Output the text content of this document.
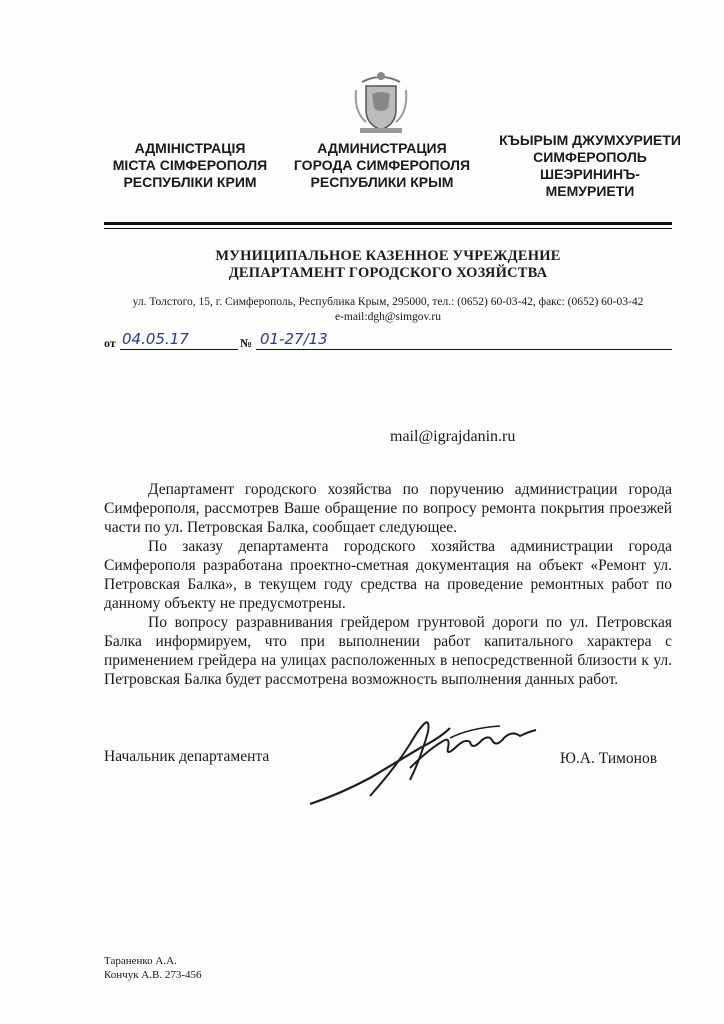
АДМІНІСТРАЦІЯ
МІСТА СІМФЕРОПОЛЯ
РЕСПУБЛІКИ КРИМ
АДМИНИСТРАЦИЯ
ГОРОДА СИМФЕРОПОЛЯ
РЕСПУБЛИКИ КРЫМ
КЪЫРЫМ ДЖУМХУРИЕТИ
СИМФЕРОПОЛЬ
ШЕЭРИНИНЪ-
МЕМУРИЕТИ
МУНИЦИПАЛЬНОЕ КАЗЕННОЕ УЧРЕЖДЕНИЕ
ДЕПАРТАМЕНТ ГОРОДСКОГО ХОЗЯЙСТВА
ул. Толстого, 15, г. Симферополь, Республика Крым, 295000, тел.: (0652) 60-03-42, факс: (0652) 60-03-42
e-mail:dgh@simgov.ru
от 04.05.17	№ 01-27/13
mail@igrajdanin.ru

Департамент городского хозяйства по поручению администрации города Симферополя, рассмотрев Ваше обращение по вопросу ремонта покрытия проезжей части по ул. Петровская Балка, сообщает следующее.

По заказу департамента городского хозяйства администрации города Симферополя разработана проектно-сметная документация на объект «Ремонт ул. Петровская Балка», в текущем году средства на проведение ремонтных работ по данному объекту не предусмотрены.

По вопросу разравнивания грейдером грунтовой дороги по ул. Петровская Балка информируем, что при выполнении работ капитального характера с применением грейдера на улицах расположенных в непосредственной близости к ул. Петровская Балка будет рассмотрена возможность выполнения данных работ.

Начальник департамента	Ю.А. Тимонов
Тараненко А.А.
Кончук А.В. 273-456
